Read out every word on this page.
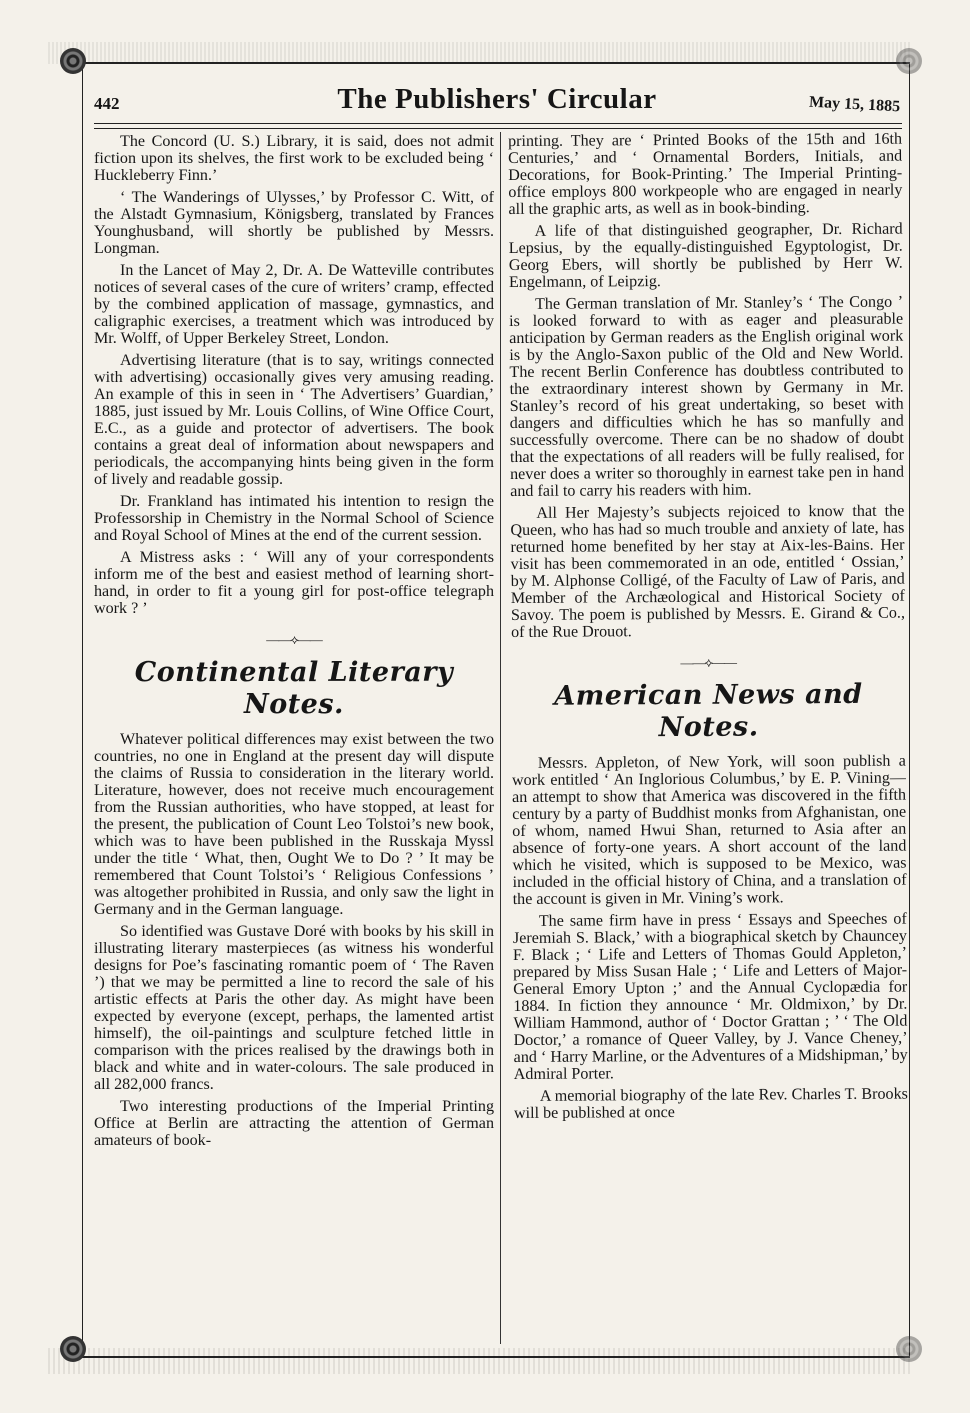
442	The Publishers' Circular	May 15, 1885

The Concord (U. S.) Library, it is said, does not admit fiction upon its shelves, the first work to be excluded being ‘ Huckleberry Finn.’

‘ The Wanderings of Ulysses,’ by Professor C. Witt, of the Alstadt Gymnasium, Königsberg, translated by Frances Younghusband, will shortly be published by Messrs. Longman.

In the Lancet of May 2, Dr. A. De Watteville contributes notices of several cases of the cure of writers’ cramp, effected by the combined application of massage, gymnastics, and caligraphic exercises, a treatment which was introduced by Mr. Wolff, of Upper Berkeley Street, London.

Advertising literature (that is to say, writings connected with advertising) occasionally gives very amusing reading. An example of this in seen in ‘ The Advertisers’ Guardian,’ 1885, just issued by Mr. Louis Collins, of Wine Office Court, E.C., as a guide and protector of advertisers. The book contains a great deal of information about newspapers and periodicals, the accompanying hints being given in the form of lively and readable gossip.

Dr. Frankland has intimated his intention to resign the Professorship in Chemistry in the Normal School of Science and Royal School of Mines at the end of the current session.

A Mistress asks : ‘ Will any of your correspondents inform me of the best and easiest method of learning short-hand, in order to fit a young girl for post-office telegraph work ? ’

——⟡——
Continental Literary Notes.

Whatever political differences may exist between the two countries, no one in England at the present day will dispute the claims of Russia to consideration in the literary world. Literature, however, does not receive much encouragement from the Russian authorities, who have stopped, at least for the present, the publication of Count Leo Tolstoi’s new book, which was to have been published in the Russkaja Myssl under the title ‘ What, then, Ought We to Do ? ’ It may be remembered that Count Tolstoi’s ‘ Religious Confessions ’ was altogether prohibited in Russia, and only saw the light in Germany and in the German language.

So identified was Gustave Doré with books by his skill in illustrating literary masterpieces (as witness his wonderful designs for Poe’s fascinating romantic poem of ‘ The Raven ’) that we may be permitted a line to record the sale of his artistic effects at Paris the other day. As might have been expected by everyone (except, perhaps, the lamented artist himself), the oil-paintings and sculpture fetched little in comparison with the prices realised by the drawings both in black and white and in water-colours. The sale produced in all 282,000 francs.

Two interesting productions of the Imperial Printing Office at Berlin are attracting the attention of German amateurs of book-

printing. They are ‘ Printed Books of the 15th and 16th Centuries,’ and ‘ Ornamental Borders, Initials, and Decorations, for Book-Printing.’ The Imperial Printing-office employs 800 workpeople who are engaged in nearly all the graphic arts, as well as in book-binding.

A life of that distinguished geographer, Dr. Richard Lepsius, by the equally-distinguished Egyptologist, Dr. Georg Ebers, will shortly be published by Herr W. Engelmann, of Leipzig.

The German translation of Mr. Stanley’s ‘ The Congo ’ is looked forward to with as eager and pleasurable anticipation by German readers as the English original work is by the Anglo-Saxon public of the Old and New World. The recent Berlin Conference has doubtless contributed to the extraordinary interest shown by Germany in Mr. Stanley’s record of his great undertaking, so beset with dangers and difficulties which he has so manfully and successfully overcome. There can be no shadow of doubt that the expectations of all readers will be fully realised, for never does a writer so thoroughly in earnest take pen in hand and fail to carry his readers with him.

All Her Majesty’s subjects rejoiced to know that the Queen, who has had so much trouble and anxiety of late, has returned home benefited by her stay at Aix-les-Bains. Her visit has been commemorated in an ode, entitled ‘ Ossian,’ by M. Alphonse Colligé, of the Faculty of Law of Paris, and Member of the Archæological and Historical Society of Savoy. The poem is published by Messrs. E. Girand & Co., of the Rue Drouot.

——⟡——
American News and Notes.

Messrs. Appleton, of New York, will soon publish a work entitled ‘ An Inglorious Columbus,’ by E. P. Vining—an attempt to show that America was discovered in the fifth century by a party of Buddhist monks from Afghanistan, one of whom, named Hwui Shan, returned to Asia after an absence of forty-one years. A short account of the land which he visited, which is supposed to be Mexico, was included in the official history of China, and a translation of the account is given in Mr. Vining’s work.

The same firm have in press ‘ Essays and Speeches of Jeremiah S. Black,’ with a biographical sketch by Chauncey F. Black ; ‘ Life and Letters of Thomas Gould Appleton,’ prepared by Miss Susan Hale ; ‘ Life and Letters of Major-General Emory Upton ;’ and the Annual Cyclopædia for 1884. In fiction they announce ‘ Mr. Oldmixon,’ by Dr. William Hammond, author of ‘ Doctor Grattan ; ’ ‘ The Old Doctor,’ a romance of Queer Valley, by J. Vance Cheney,’ and ‘ Harry Marline, or the Adventures of a Midshipman,’ by Admiral Porter.

A memorial biography of the late Rev. Charles T. Brooks will be published at once
